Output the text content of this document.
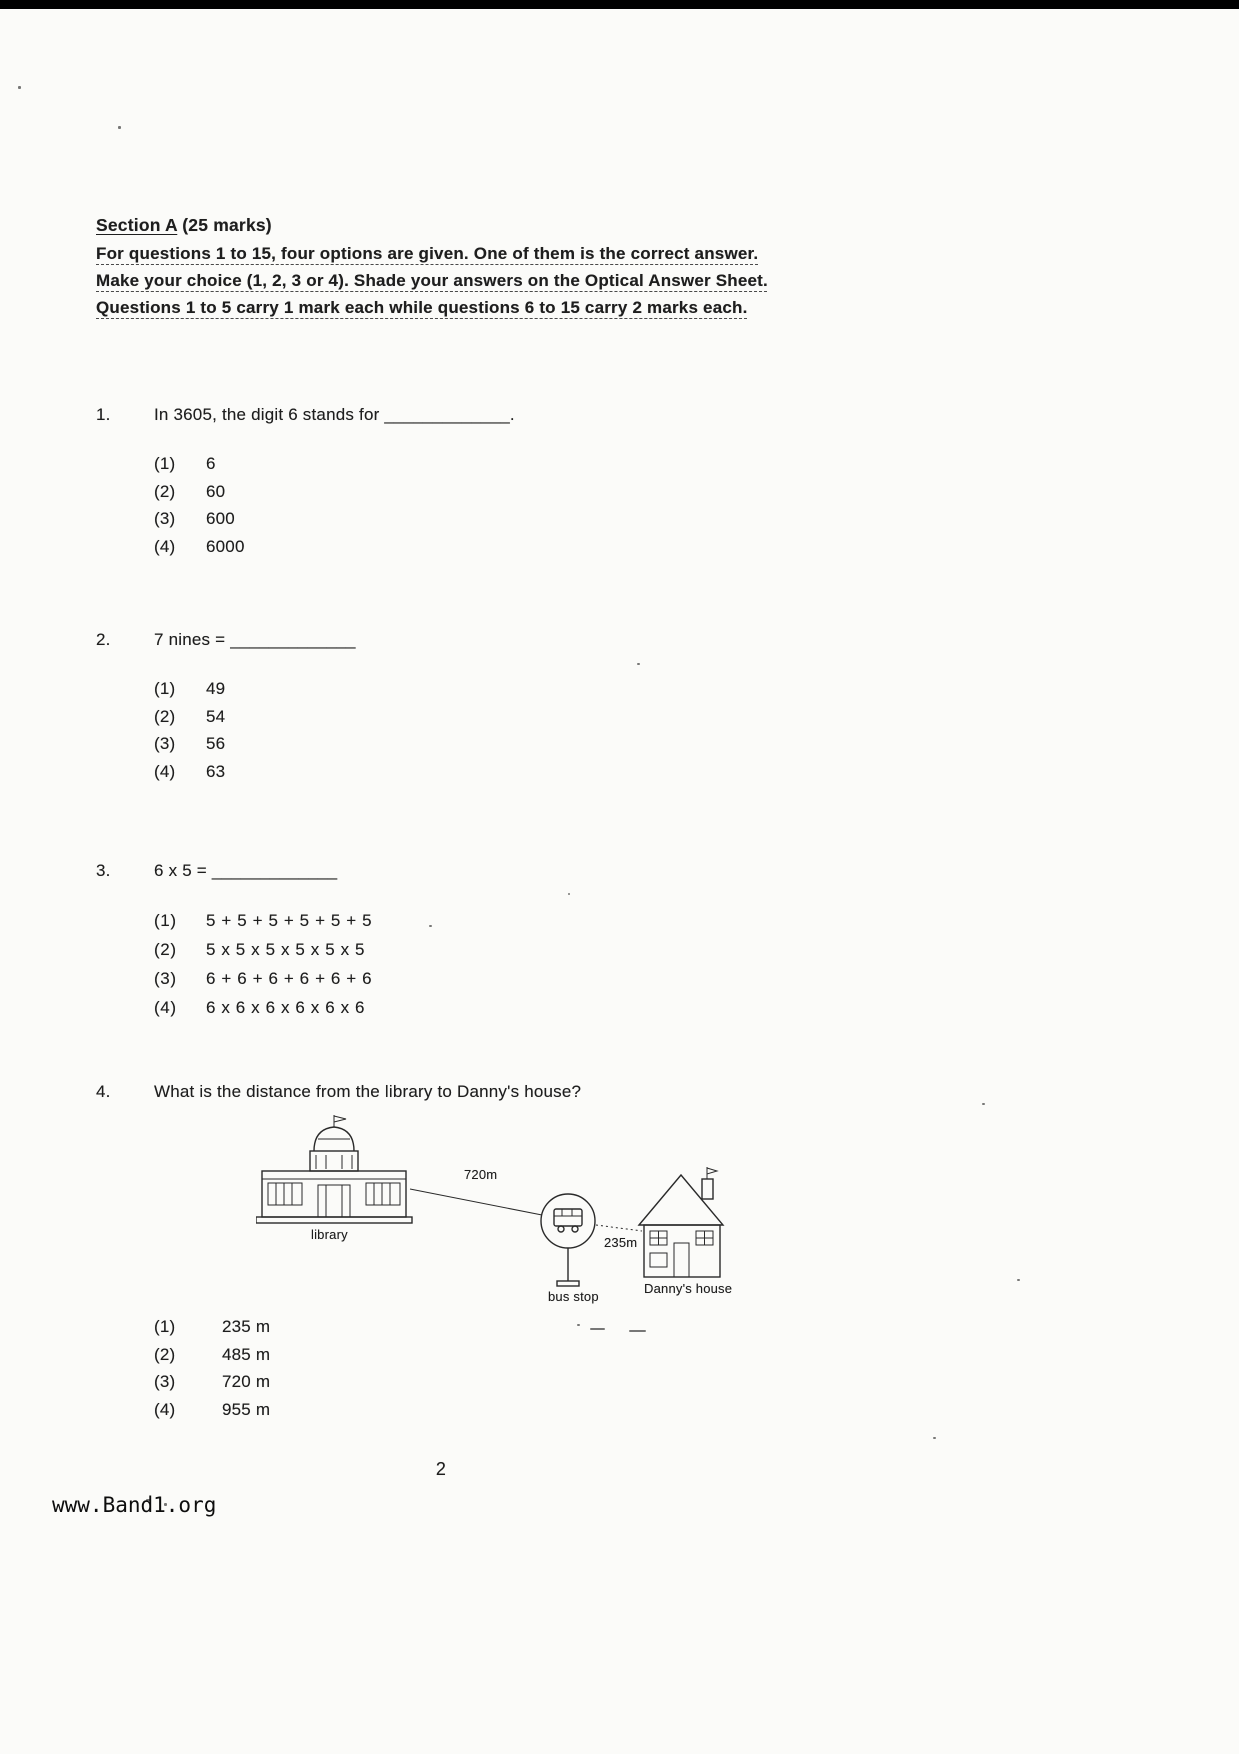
Section A (25 marks)
For questions 1 to 15, four options are given. One of them is the correct answer.
Make your choice (1, 2, 3 or 4). Shade your answers on the Optical Answer Sheet.
Questions 1 to 5 carry 1 mark each while questions 6 to 15 carry 2 marks each.
1.	In 3605, the digit 6 stands for _____________.
(1)	6
(2)	60
(3)	600
(4)	6000
2.	7 nines = _____________
(1)	49
(2)	54
(3)	56
(4)	63
3.	6 x 5 = _____________
(1)	5 + 5 + 5 + 5 + 5 + 5
(2)	5 x 5 x 5 x 5 x 5 x 5
(3)	6 + 6 + 6 + 6 + 6 + 6
(4)	6 x 6 x 6 x 6 x 6 x 6
4.	What is the distance from the library to Danny's house?
library
720m
bus stop
235m
Danny's house
(1)	235 m
(2)	485 m
(3)	720 m
(4)	955 m
2
www.Band1.org
